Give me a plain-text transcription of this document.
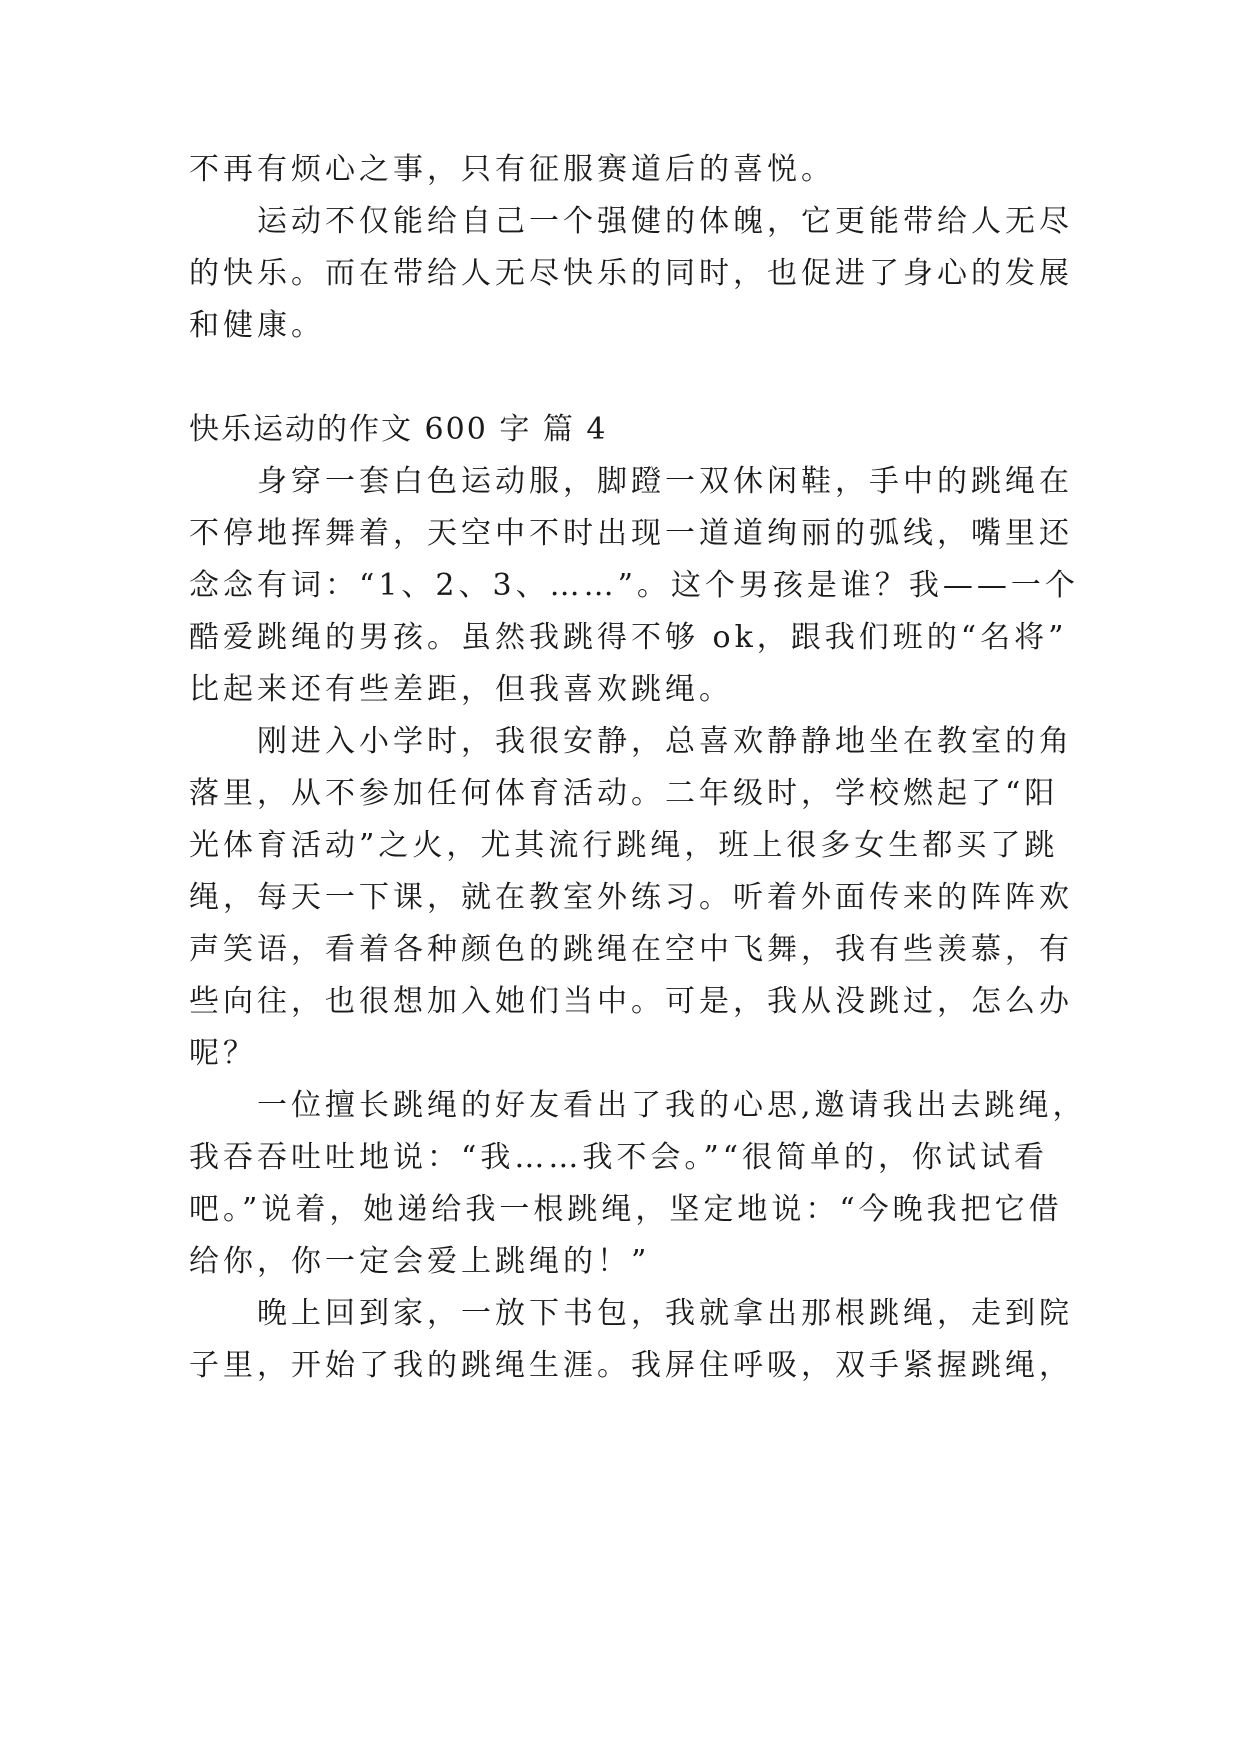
不再有烦心之事，只有征服赛道后的喜悦。
运动不仅能给自己一个强健的体魄，它更能带给人无尽
的快乐。而在带给人无尽快乐的同时，也促进了身心的发展
和健康。
快乐运动的作文 600 字 篇 4
身穿一套白色运动服，脚蹬一双休闲鞋，手中的跳绳在
不停地挥舞着，天空中不时出现一道道绚丽的弧线，嘴里还
念念有词：“1、2、3、……”。这个男孩是谁？我——一个
酷爱跳绳的男孩。虽然我跳得不够 ok，跟我们班的“名将”
比起来还有些差距，但我喜欢跳绳。
刚进入小学时，我很安静，总喜欢静静地坐在教室的角
落里，从不参加任何体育活动。二年级时，学校燃起了“阳
光体育活动”之火，尤其流行跳绳，班上很多女生都买了跳
绳，每天一下课，就在教室外练习。听着外面传来的阵阵欢
声笑语，看着各种颜色的跳绳在空中飞舞，我有些羡慕，有
些向往，也很想加入她们当中。可是，我从没跳过，怎么办
呢？
一位擅长跳绳的好友看出了我的心思,邀请我出去跳绳，
我吞吞吐吐地说：“我……我不会。”“很简单的，你试试看
吧。”说着，她递给我一根跳绳，坚定地说：“今晚我把它借
给你，你一定会爱上跳绳的！”
晚上回到家，一放下书包，我就拿出那根跳绳，走到院
子里，开始了我的跳绳生涯。我屏住呼吸，双手紧握跳绳，
